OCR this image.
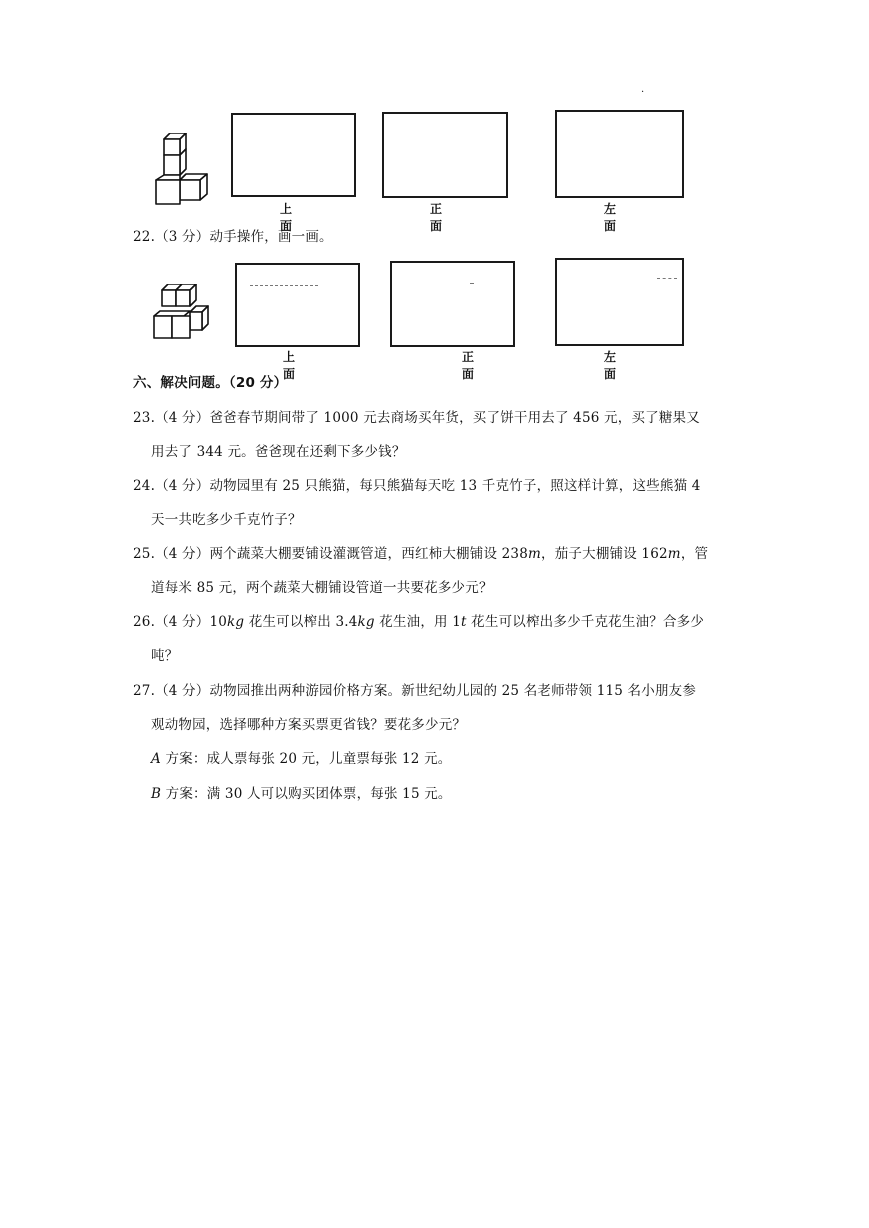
.
上面
正面
左面
22.（3 分）动手操作，画一画。
上面
正面
左面
六、解决问题。（20 分）
23.（4 分）爸爸春节期间带了 1000 元去商场买年货，买了饼干用去了 456 元，买了糖果又
用去了 344 元。爸爸现在还剩下多少钱？
24.（4 分）动物园里有 25 只熊猫，每只熊猫每天吃 13 千克竹子，照这样计算，这些熊猫 4
天一共吃多少千克竹子？
25.（4 分）两个蔬菜大棚要铺设灌溉管道，西红柿大棚铺设 238m，茄子大棚铺设 162m，管
道每米 85 元，两个蔬菜大棚铺设管道一共要花多少元？
26.（4 分）10kg 花生可以榨出 3.4kg 花生油，用 1t 花生可以榨出多少千克花生油？合多少
吨？
27.（4 分）动物园推出两种游园价格方案。新世纪幼儿园的 25 名老师带领 115 名小朋友参
观动物园，选择哪种方案买票更省钱？要花多少元？
A 方案：成人票每张 20 元，儿童票每张 12 元。
B 方案：满 30 人可以购买团体票，每张 15 元。
